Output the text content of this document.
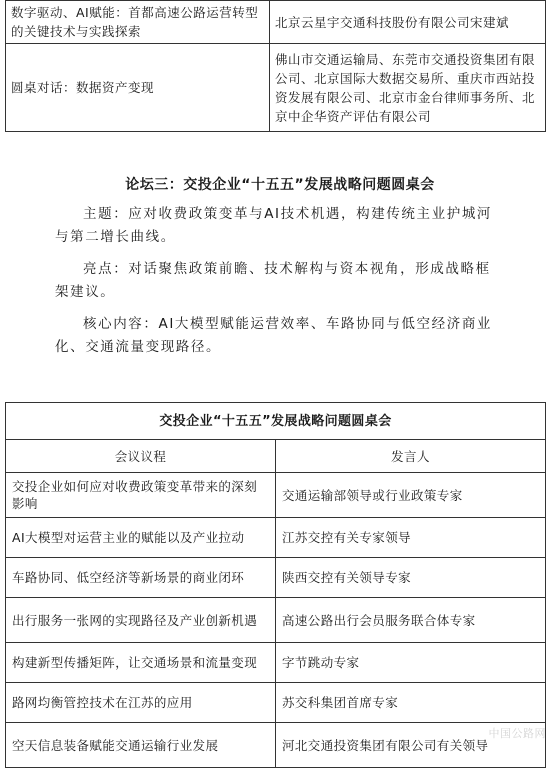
数字驱动、AI赋能：首都高速公路运营转型的关键技术与实践探索	北京云星宇交通科技股份有限公司宋建斌
圆桌对话：数据资产变现	佛山市交通运输局、东莞市交通投资集团有限公司、北京国际大数据交易所、重庆市西站投资发展有限公司、北京市金台律师事务所、北京中企华资产评估有限公司

论坛三：交投企业“十五五”发展战略问题圆桌会

主题：应对收费政策变革与AI技术机遇，构建传统主业护城河与第二增长曲线。

亮点：对话聚焦政策前瞻、技术解构与资本视角，形成战略框架建议。

核心内容：AI大模型赋能运营效率、车路协同与低空经济商业化、交通流量变现路径。

交投企业“十五五”发展战略问题圆桌会	
会议议程	发言人
交投企业如何应对收费政策变革带来的深刻影响	交通运输部领导或行业政策专家
AI大模型对运营主业的赋能以及产业拉动	江苏交控有关专家领导
车路协同、低空经济等新场景的商业闭环	陕西交控有关领导专家
出行服务一张网的实现路径及产业创新机遇	高速公路出行会员服务联合体专家
构建新型传播矩阵，让交通场景和流量变现	字节跳动专家
路网均衡管控技术在江苏的应用	苏交科集团首席专家
空天信息装备赋能交通运输行业发展	河北交通投资集团有限公司有关领导
中国公路网
